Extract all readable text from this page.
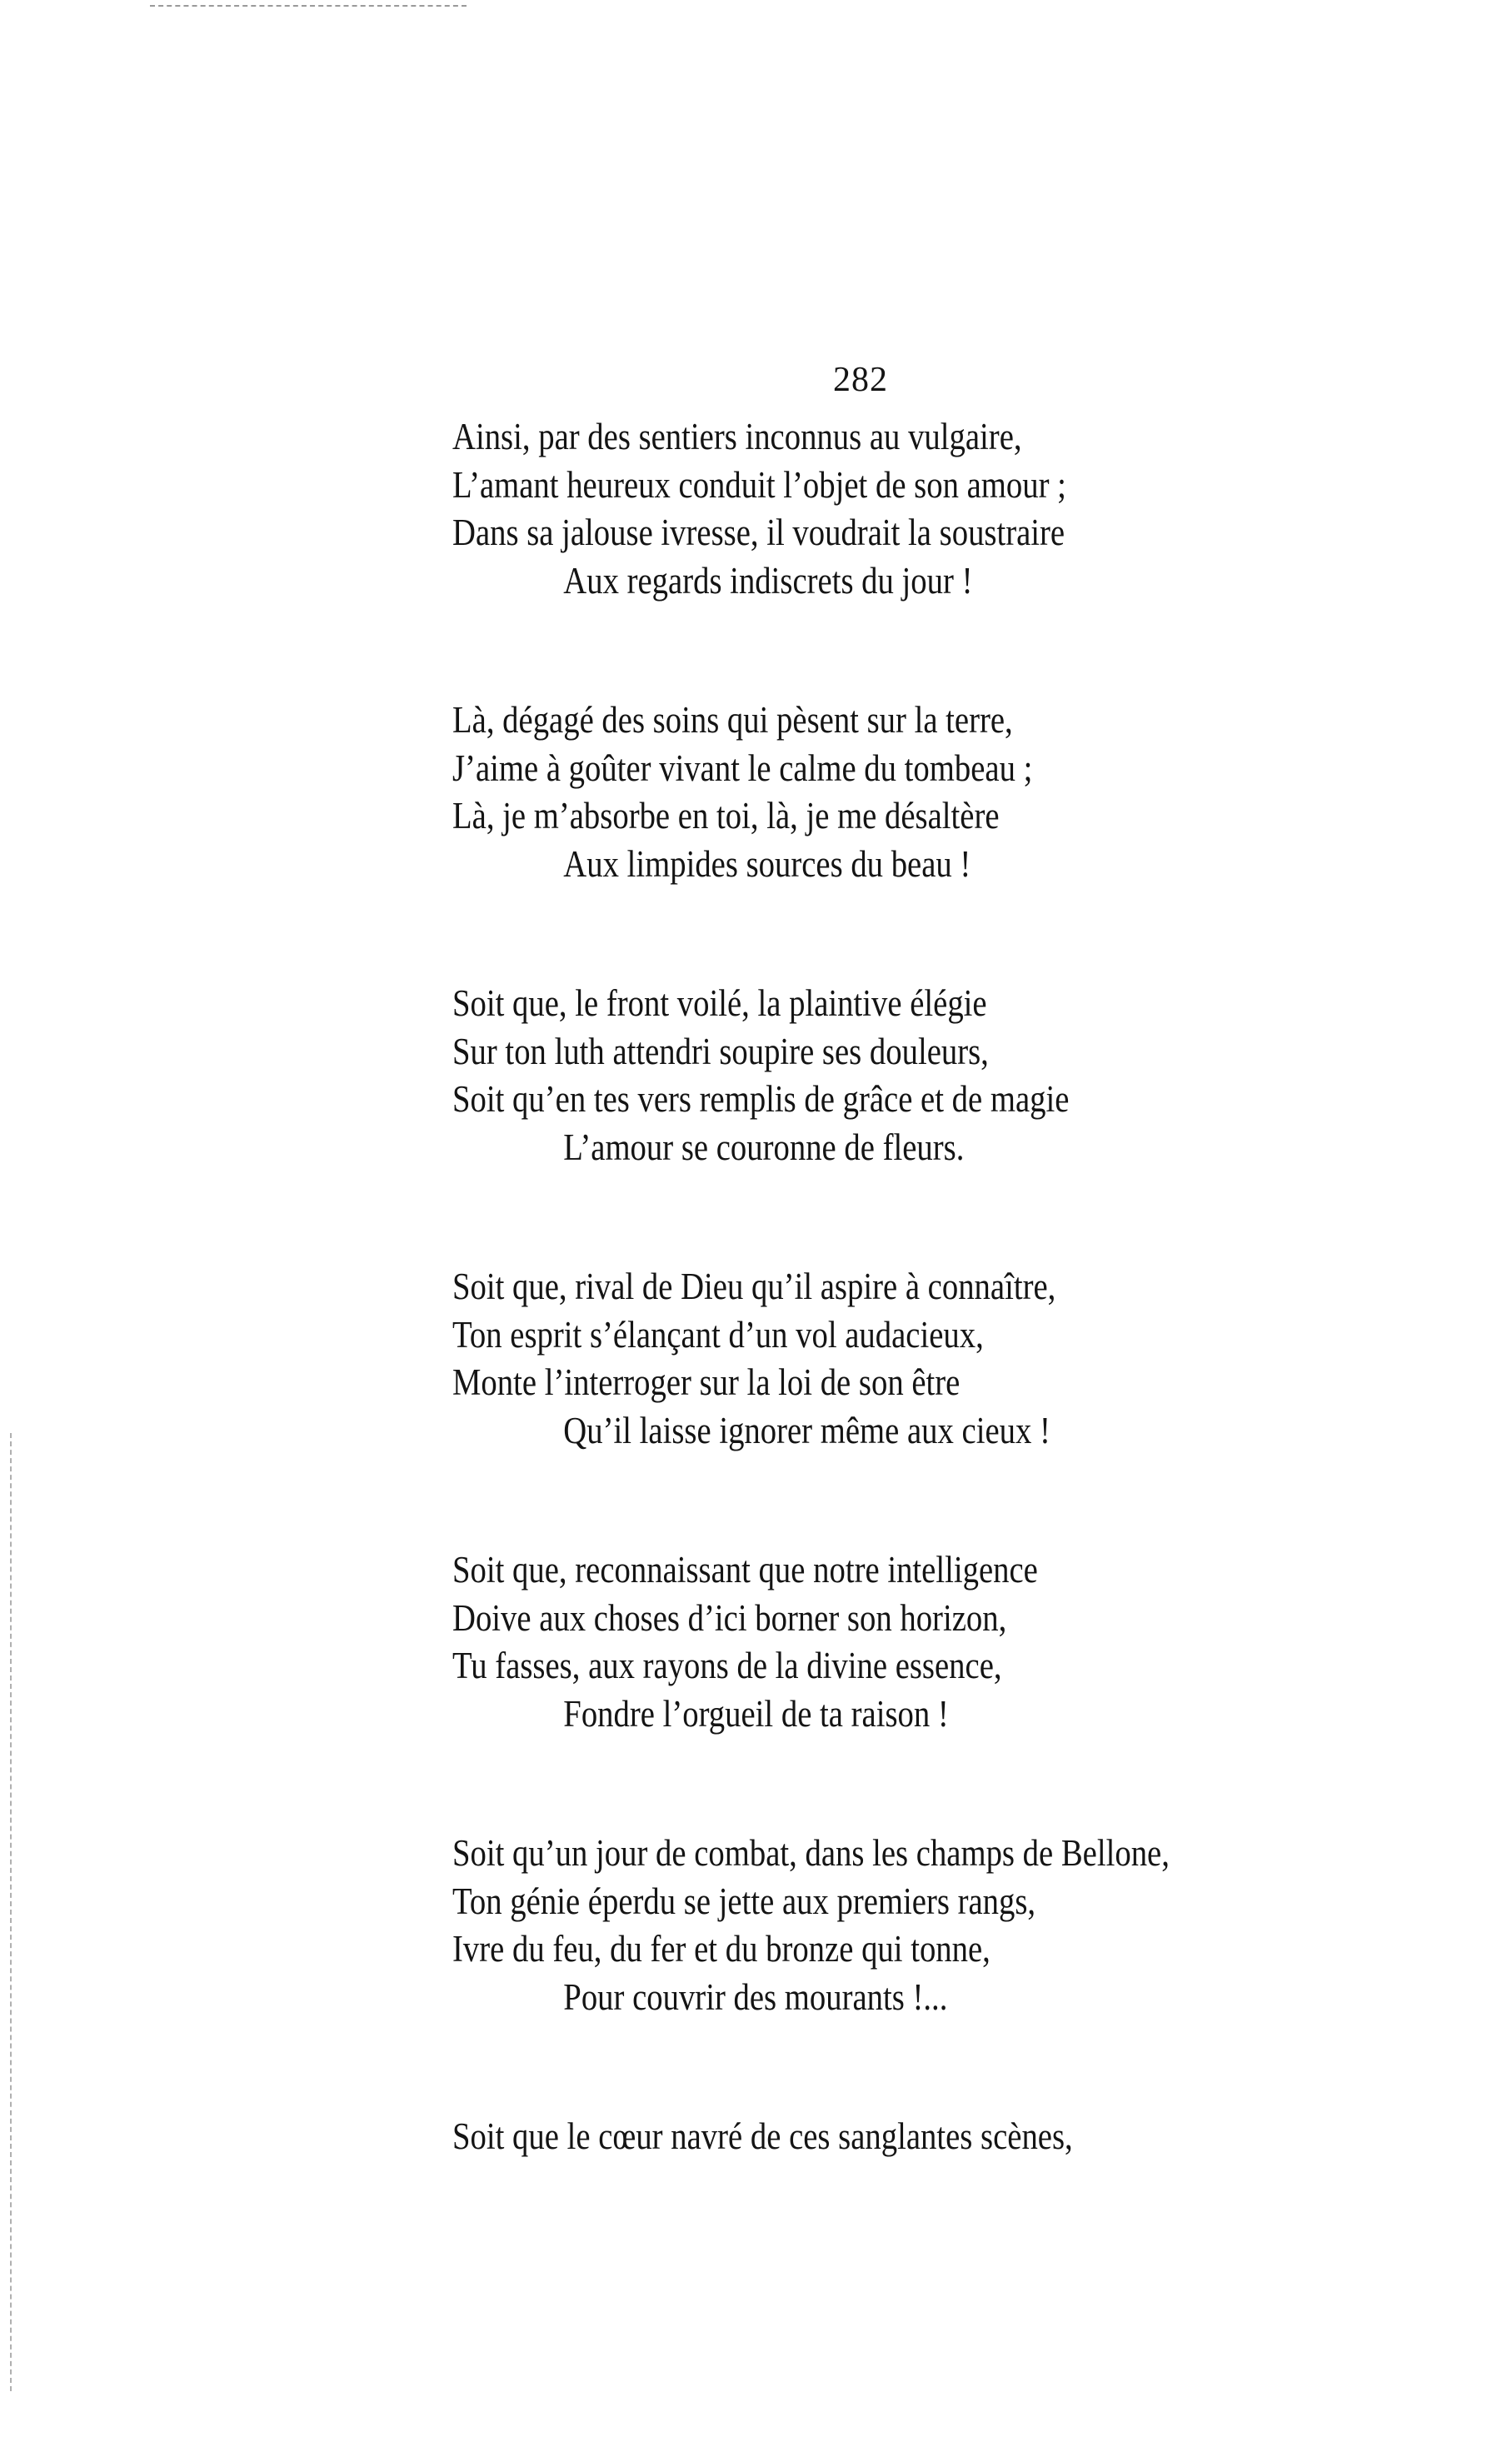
282
Ainsi, par des sentiers inconnus au vulgaire,
L’amant heureux conduit l’objet de son amour ;
Dans sa jalouse ivresse, il voudrait la soustraire
Aux regards indiscrets du jour !
Là, dégagé des soins qui pèsent sur la terre,
J’aime à goûter vivant le calme du tombeau ;
Là, je m’absorbe en toi, là, je me désaltère
Aux limpides sources du beau !
Soit que, le front voilé, la plaintive élégie
Sur ton luth attendri soupire ses douleurs,
Soit qu’en tes vers remplis de grâce et de magie
L’amour se couronne de fleurs.
Soit que, rival de Dieu qu’il aspire à connaître,
Ton esprit s’élançant d’un vol audacieux,
Monte l’interroger sur la loi de son être
Qu’il laisse ignorer même aux cieux !
Soit que, reconnaissant que notre intelligence
Doive aux choses d’ici borner son horizon,
Tu fasses, aux rayons de la divine essence,
Fondre l’orgueil de ta raison !
Soit qu’un jour de combat, dans les champs de Bellone,
Ton génie éperdu se jette aux premiers rangs,
Ivre du feu, du fer et du bronze qui tonne,
Pour couvrir des mourants !...
Soit que le cœur navré de ces sanglantes scènes,
